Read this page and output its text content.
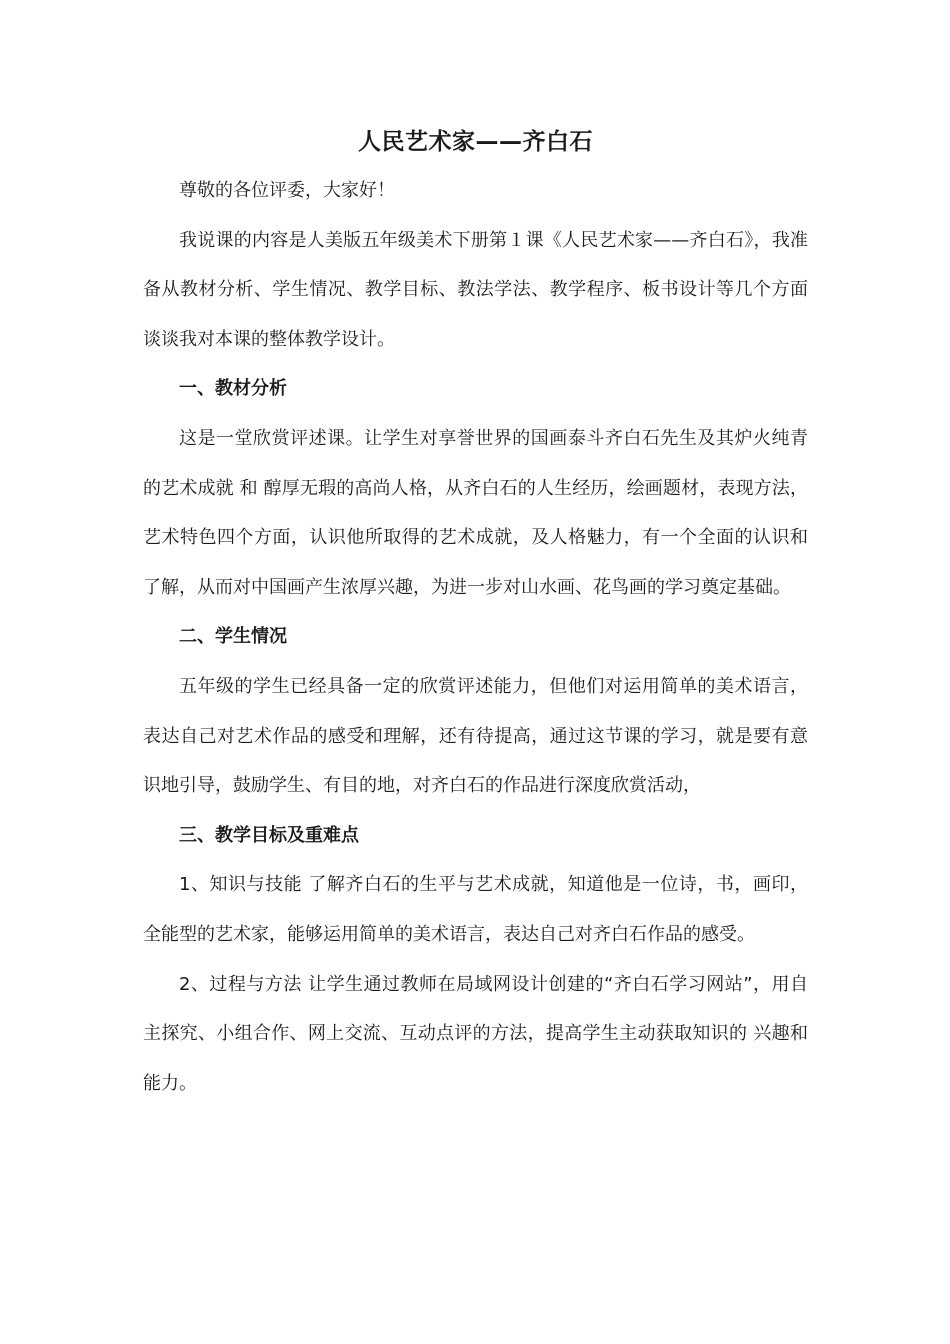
人民艺术家——齐白石

尊敬的各位评委，大家好！

我说课的内容是人美版五年级美术下册第１课《人民艺术家——齐白石》，我准备从教材分析、学生情况、教学目标、教法学法、教学程序、板书设计等几个方面谈谈我对本课的整体教学设计。

一、教材分析

这是一堂欣赏评述课。让学生对享誉世界的国画泰斗齐白石先生及其炉火纯青的艺术成就 和 醇厚无瑕的高尚人格，从齐白石的人生经历，绘画题材，表现方法，艺术特色四个方面，认识他所取得的艺术成就，及人格魅力，有一个全面的认识和了解，从而对中国画产生浓厚兴趣，为进一步对山水画、花鸟画的学习奠定基础。

二、学生情况

五年级的学生已经具备一定的欣赏评述能力，但他们对运用简单的美术语言，表达自己对艺术作品的感受和理解，还有待提高，通过这节课的学习，就是要有意识地引导，鼓励学生、有目的地，对齐白石的作品进行深度欣赏活动，

三、教学目标及重难点

1、知识与技能 了解齐白石的生平与艺术成就，知道他是一位诗，书，画印，全能型的艺术家，能够运用简单的美术语言，表达自己对齐白石作品的感受。

2、过程与方法 让学生通过教师在局域网设计创建的“齐白石学习网站”，用自主探究、小组合作、网上交流、互动点评的方法，提高学生主动获取知识的 兴趣和能力。
